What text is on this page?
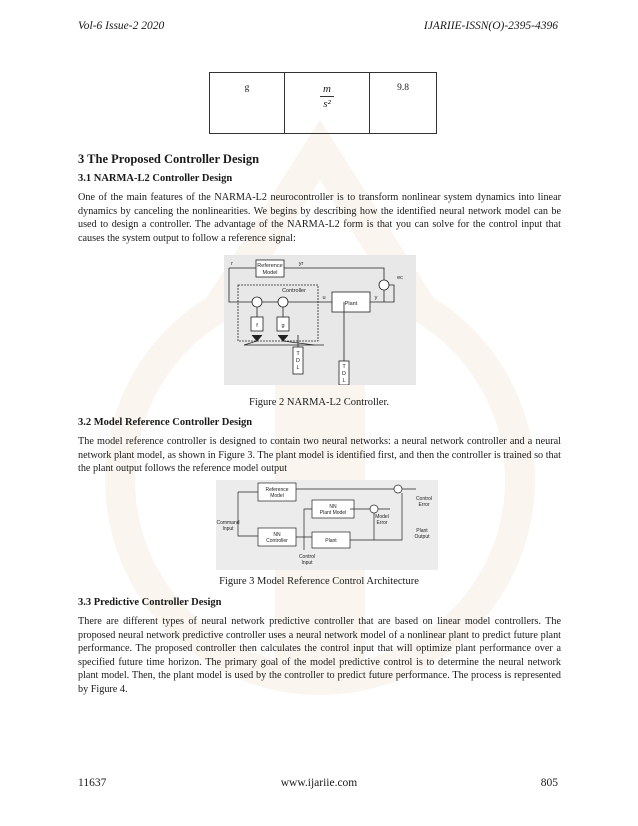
Vol-6 Issue-2 2020	IJARIIE-ISSN(O)-2395-4396
g	$\frac{m}{\text{s²}}$	9.8
3 The Proposed Controller Design
3.1 NARMA-L2 Controller Design
One of the main features of the NARMA-L2 neurocontroller is to transform nonlinear system dynamics into linear dynamics by canceling the nonlinearities. We begins by describing how the identified neural network model can be used to design a controller. The advantage of the NARMA-L2 form is that you can solve for the control input that causes the system output to follow a reference signal:
Reference
Model
Controller
Plant
f	g
T
D
L	T
D
L
r	yr
ec
u	y
Figure 2 NARMA-L2 Controller.
3.2 Model Reference Controller Design
The model reference controller is designed to contain two neural networks: a neural network controller and a neural network plant model, as shown in Figure 3. The plant model is identified first, and then the controller is trained so that the plant output follows the reference model output
Reference
Model
NN
Plant Model
NN
Controller	Plant
Command
Input
Model
Error
Control
Error
Plant
Output
Control
Input
Figure 3 Model Reference Control Architecture
3.3 Predictive Controller Design
There are different types of neural network predictive controller that are based on linear model controllers. The proposed neural network predictive controller uses a neural network model of a nonlinear plant to predict future plant performance. The proposed controller then calculates the control input that will optimize plant performance over a specified future time horizon. The primary goal of the model predictive control is to determine the neural network plant model. Then, the plant model is used by the controller to predict future performance. The process is represented by Figure 4.
11637	www.ijariie.com	805
